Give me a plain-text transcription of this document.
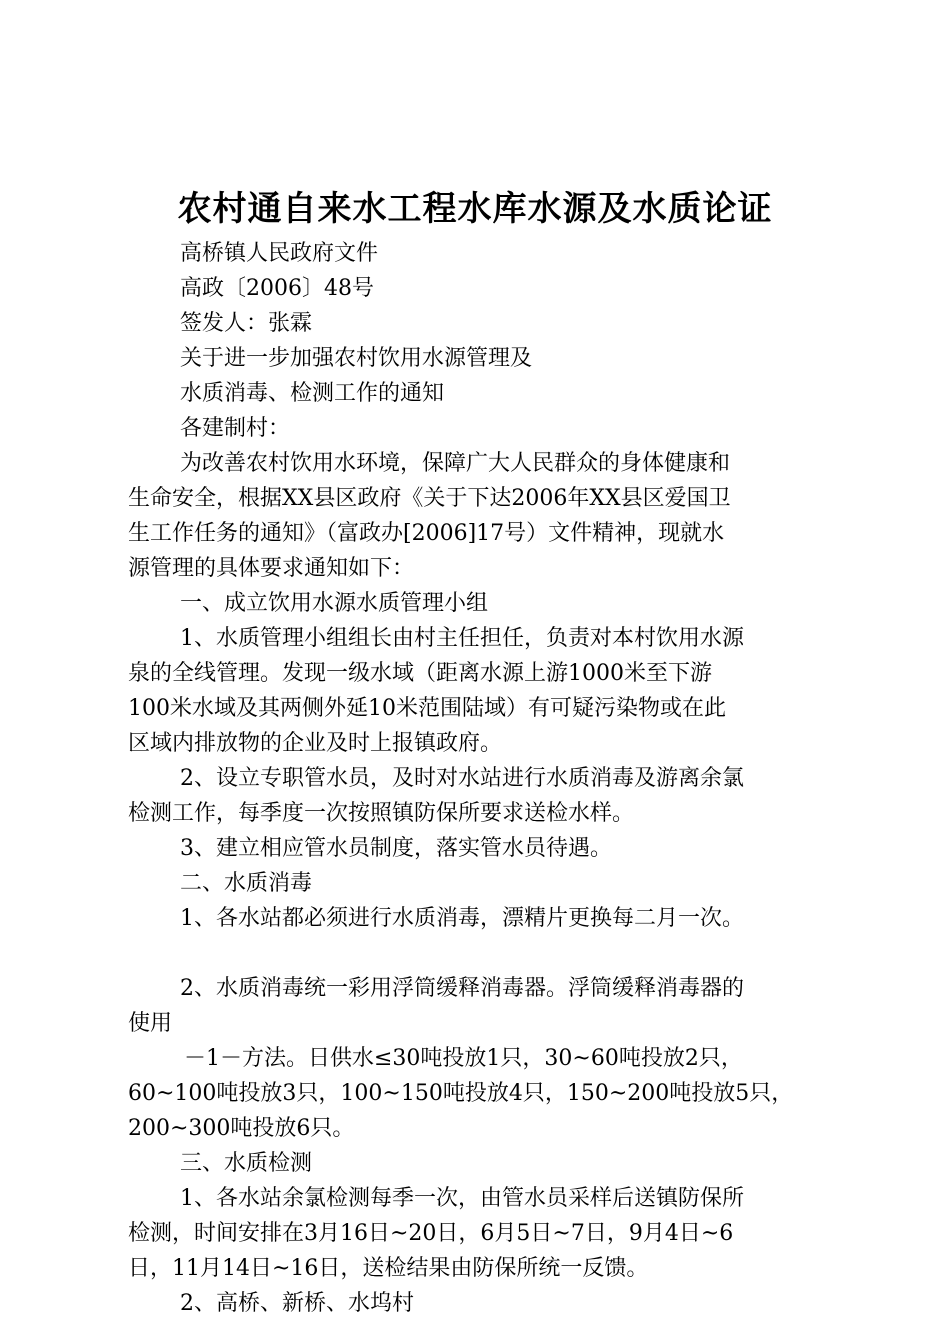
农村通自来水工程水库水源及水质论证
高桥镇人民政府文件
高政〔2006〕48号
签发人：张霖
关于进一步加强农村饮用水源管理及
水质消毒、检测工作的通知
各建制村：
为改善农村饮用水环境，保障广大人民群众的身体健康和
生命安全，根据XX县区政府《关于下达2006年XX县区爱国卫
生工作任务的通知》（富政办[2006]17号）文件精神，现就水
源管理的具体要求通知如下：
一、成立饮用水源水质管理小组
1、水质管理小组组长由村主任担任，负责对本村饮用水源
泉的全线管理。发现一级水域（距离水源上游1000米至下游
100米水域及其两侧外延10米范围陆域）有可疑污染物或在此
区域内排放物的企业及时上报镇政府。
2、设立专职管水员，及时对水站进行水质消毒及游离余氯
检测工作，每季度一次按照镇防保所要求送检水样。
3、建立相应管水员制度，落实管水员待遇。
二、水质消毒
1、各水站都必须进行水质消毒，漂精片更换每二月一次。
2、水质消毒统一彩用浮筒缓释消毒器。浮筒缓释消毒器的
使用
－1－方法。日供水≤30吨投放1只，30~60吨投放2只，
60~100吨投放3只，100~150吨投放4只，150~200吨投放5只，
200~300吨投放6只。
三、水质检测
1、各水站余氯检测每季一次，由管水员采样后送镇防保所
检测，时间安排在3月16日~20日，6月5日~7日，9月4日~6
日，11月14日~16日，送检结果由防保所统一反馈。
2、高桥、新桥、水坞村
